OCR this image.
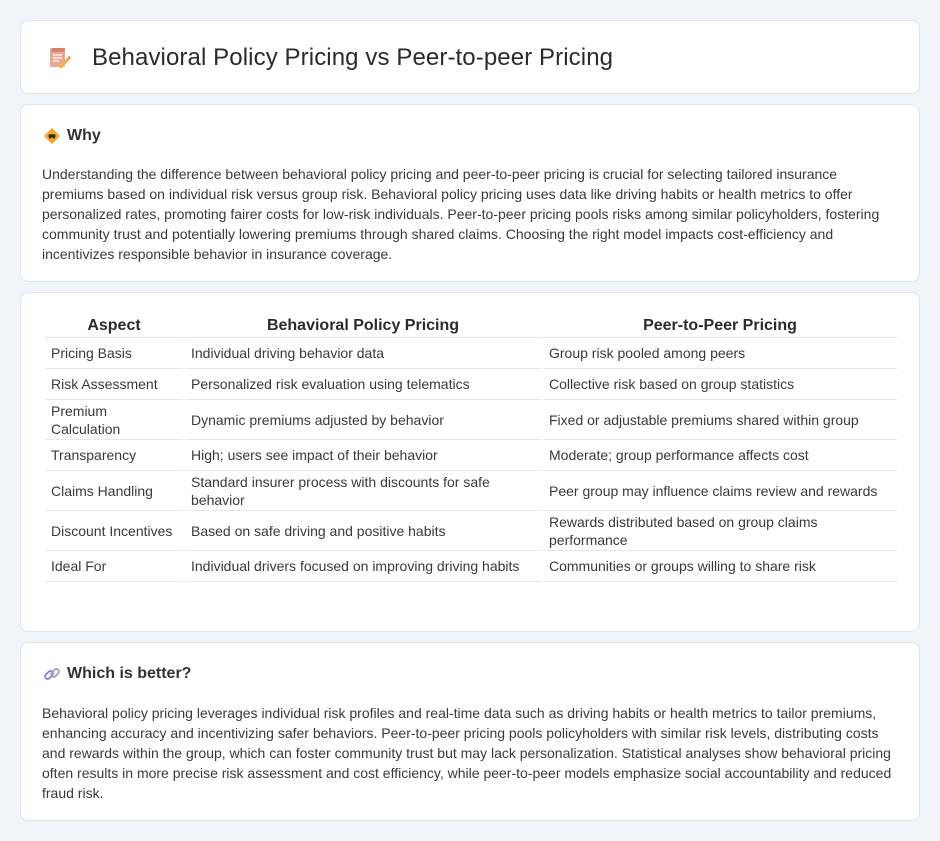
Behavioral Policy Pricing vs Peer-to-peer Pricing
Why

Understanding the difference between behavioral policy pricing and peer-to-peer pricing is crucial for selecting tailored insurance premiums based on individual risk versus group risk. Behavioral policy pricing uses data like driving habits or health metrics to offer personalized rates, promoting fairer costs for low-risk individuals. Peer-to-peer pricing pools risks among similar policyholders, fostering community trust and potentially lowering premiums through shared claims. Choosing the right model impacts cost-efficiency and incentivizes responsible behavior in insurance coverage.

Aspect	Behavioral Policy Pricing	Peer-to-Peer Pricing
Pricing Basis	Individual driving behavior data	Group risk pooled among peers
Risk Assessment	Personalized risk evaluation using telematics	Collective risk based on group statistics
Premium Calculation	Dynamic premiums adjusted by behavior	Fixed or adjustable premiums shared within group
Transparency	High; users see impact of their behavior	Moderate; group performance affects cost
Claims Handling	Standard insurer process with discounts for safe behavior	Peer group may influence claims review and rewards
Discount Incentives	Based on safe driving and positive habits	Rewards distributed based on group claims performance
Ideal For	Individual drivers focused on improving driving habits	Communities or groups willing to share risk
Which is better?

Behavioral policy pricing leverages individual risk profiles and real-time data such as driving habits or health metrics to tailor premiums, enhancing accuracy and incentivizing safer behaviors. Peer-to-peer pricing pools policyholders with similar risk levels, distributing costs and rewards within the group, which can foster community trust but may lack personalization. Statistical analyses show behavioral pricing often results in more precise risk assessment and cost efficiency, while peer-to-peer models emphasize social accountability and reduced fraud risk.
